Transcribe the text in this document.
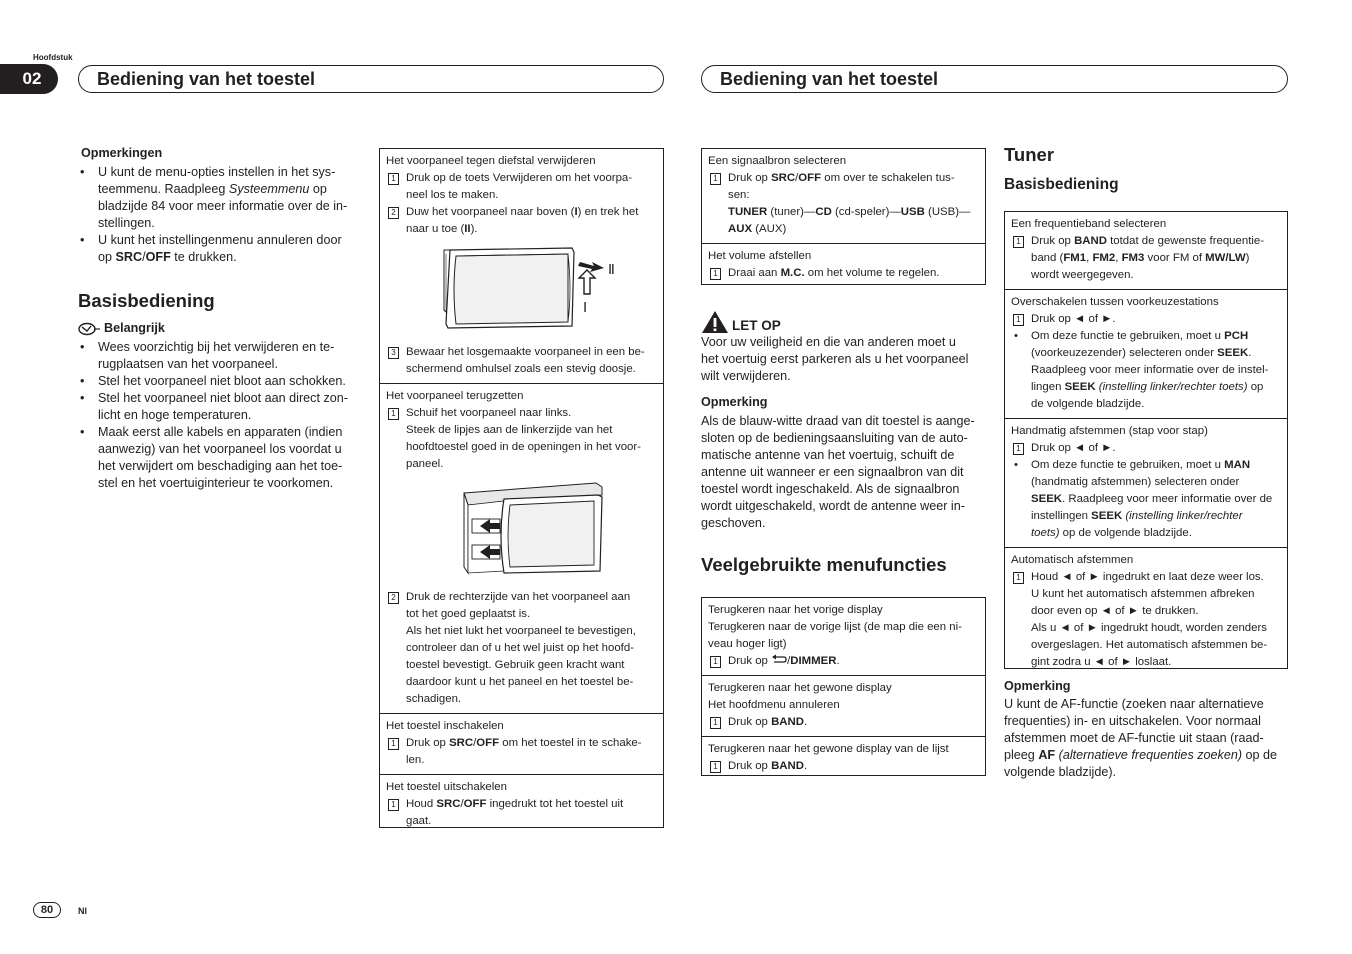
Hoofdstuk
02	Bediening van het toestel	Bediening van het toestel

Opmerkingen

• U kunt de menu-opties instellen in het sys-
teemmenu. Raadpleeg Systeemmenu op
bladzijde 84 voor meer informatie over de in-
stellingen.
• U kunt het instellingenmenu annuleren door
op SRC/OFF te drukken.

Basisbediening

Belangrijk
• Wees voorzichtig bij het verwijderen en te-
rugplaatsen van het voorpaneel.
• Stel het voorpaneel niet bloot aan schokken.
• Stel het voorpaneel niet bloot aan direct zon-
licht en hoge temperaturen.
• Maak eerst alle kabels en apparaten (indien
aanwezig) van het voorpaneel los voordat u
het verwijdert om beschadiging aan het toe-
stel en het voertuiginterieur te voorkomen.
Het voorpaneel tegen diefstal verwijderen
1 Druk op de toets Verwijderen om het voorpa-
neel los te maken.
2 Duw het voorpaneel naar boven (I) en trek het
naar u toe (II).
Ⅱ
Ⅰ
3 Bewaar het losgemaakte voorpaneel in een be-
schermend omhulsel zoals een stevig doosje.
Het voorpaneel terugzetten
1 Schuif het voorpaneel naar links.
Steek de lipjes aan de linkerzijde van het
hoofdtoestel goed in de openingen in het voor-
paneel.
2 Druk de rechterzijde van het voorpaneel aan
tot het goed geplaatst is.
Als het niet lukt het voorpaneel te bevestigen,
controleer dan of u het wel juist op het hoofd-
toestel bevestigt. Gebruik geen kracht want
daardoor kunt u het paneel en het toestel be-
schadigen.
Het toestel inschakelen
1 Druk op SRC/OFF om het toestel in te schake-
len.
Het toestel uitschakelen
1 Houd SRC/OFF ingedrukt tot het toestel uit
gaat.
Een signaalbron selecteren
1 Druk op SRC/OFF om over te schakelen tus-
sen:
TUNER (tuner)—CD (cd-speler)—USB (USB)—
AUX (AUX)
Het volume afstellen
1 Draai aan M.C. om het volume te regelen.
LET OP

Voor uw veiligheid en die van anderen moet u
het voertuig eerst parkeren als u het voorpaneel
wilt verwijderen.

Opmerking

Als de blauw-witte draad van dit toestel is aange-
sloten op de bedieningsaansluiting van de auto-
matische antenne van het voertuig, schuift de
antenne uit wanneer er een signaalbron van dit
toestel wordt ingeschakeld. Als de signaalbron
wordt uitgeschakeld, wordt de antenne weer in-
geschoven.

Veelgebruikte menufuncties

Terugkeren naar het vorige display
Terugkeren naar de vorige lijst (de map die een ni-
veau hoger ligt)
1 Druk op /DIMMER.
Terugkeren naar het gewone display
Het hoofdmenu annuleren
1 Druk op BAND.
Terugkeren naar het gewone display van de lijst
1 Druk op BAND.

Tuner

Basisbediening

Een frequentieband selecteren
1 Druk op BAND totdat de gewenste frequentie-
band (FM1, FM2, FM3 voor FM of MW/LW)
wordt weergegeven.
Overschakelen tussen voorkeuzestations
1 Druk op ◄ of ►.
• Om deze functie te gebruiken, moet u PCH
(voorkeuzezender) selecteren onder SEEK.
Raadpleeg voor meer informatie over de instel-
lingen SEEK (instelling linker/rechter toets) op
de volgende bladzijde.
Handmatig afstemmen (stap voor stap)
1 Druk op ◄ of ►.
• Om deze functie te gebruiken, moet u MAN
(handmatig afstemmen) selecteren onder
SEEK. Raadpleeg voor meer informatie over de
instellingen SEEK (instelling linker/rechter
toets) op de volgende bladzijde.
Automatisch afstemmen
1 Houd ◄ of ► ingedrukt en laat deze weer los.
U kunt het automatisch afstemmen afbreken
door even op ◄ of ► te drukken.
Als u ◄ of ► ingedrukt houdt, worden zenders
overgeslagen. Het automatisch afstemmen be-
gint zodra u ◄ of ► loslaat.

Opmerking

U kunt de AF-functie (zoeken naar alternatieve
frequenties) in- en uitschakelen. Voor normaal
afstemmen moet de AF-functie uit staan (raad-
pleeg AF (alternatieve frequenties zoeken) op de
volgende bladzijde).

80	Nl
